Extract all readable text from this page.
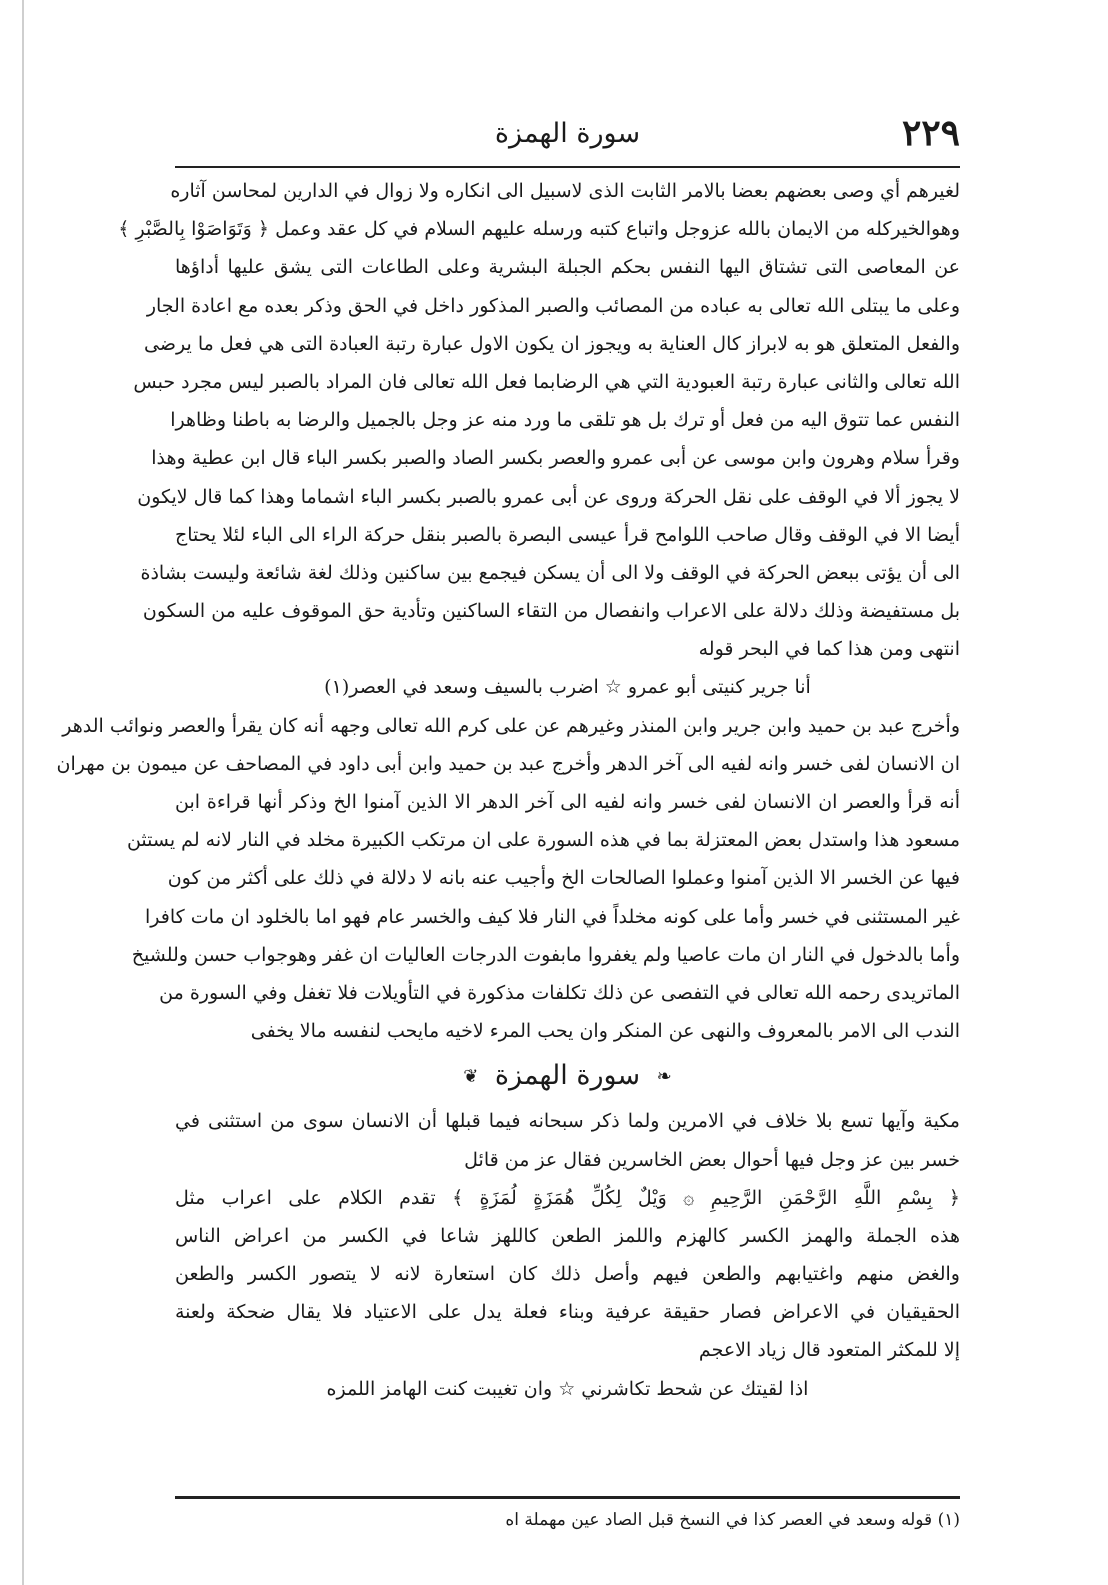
٢٢٩
سورة الهمزة
لغيرهم أي وصى بعضهم بعضا بالامر الثابت الذى لاسبيل الى انكاره ولا زوال في الدارين لمحاسن آثاره
وهوالخيركله من الايمان بالله عزوجل واتباع كتبه ورسله عليهم السلام في كل عقد وعمل ﴿ وَتَوَاصَوْا بِالصَّبْرِ ﴾
عن المعاصى التى تشتاق اليها النفس بحكم الجبلة البشرية وعلى الطاعات التى يشق عليها أداؤها
وعلى ما يبتلى الله تعالى به عباده من المصائب والصبر المذكور داخل في الحق وذكر بعده مع اعادة الجار
والفعل المتعلق هو به لابراز كال العناية به ويجوز ان يكون الاول عبارة رتبة العبادة التى هي فعل ما يرضى
الله تعالى والثانى عبارة رتبة العبودية التي هي الرضابما فعل الله تعالى فان المراد بالصبر ليس مجرد حبس
النفس عما تتوق اليه من فعل أو ترك بل هو تلقى ما ورد منه عز وجل بالجميل والرضا به باطنا وظاهرا
وقرأ سلام وهرون وابن موسى عن أبى عمرو والعصر بكسر الصاد والصبر بكسر الباء قال ابن عطية وهذا
لا يجوز ألا في الوقف على نقل الحركة وروى عن أبى عمرو بالصبر بكسر الباء اشماما وهذا كما قال لايكون
أيضا الا في الوقف وقال صاحب اللوامح قرأ عيسى البصرة بالصبر بنقل حركة الراء الى الباء لئلا يحتاج
الى أن يؤتى ببعض الحركة في الوقف ولا الى أن يسكن فيجمع بين ساكنين وذلك لغة شائعة وليست بشاذة
بل مستفيضة وذلك دلالة على الاعراب وانفصال من التقاء الساكنين وتأدية حق الموقوف عليه من السكون
انتهى ومن هذا كما في البحر قوله
أنا جرير كنيتى أبو عمرو ☆ اضرب بالسيف وسعد في العصر(١)
وأخرج عبد بن حميد وابن جرير وابن المنذر وغيرهم عن على كرم الله تعالى وجهه أنه كان يقرأ والعصر ونوائب الدهر
ان الانسان لفى خسر وانه لفيه الى آخر الدهر وأخرج عبد بن حميد وابن أبى داود في المصاحف عن ميمون بن مهران
أنه قرأ والعصر ان الانسان لفى خسر وانه لفيه الى آخر الدهر الا الذين آمنوا الخ وذكر أنها قراءة ابن
مسعود هذا واستدل بعض المعتزلة بما في هذه السورة على ان مرتكب الكبيرة مخلد في النار لانه لم يستثن
فيها عن الخسر الا الذين آمنوا وعملوا الصالحات الخ وأجيب عنه بانه لا دلالة في ذلك على أكثر من كون
غير المستثنى في خسر وأما على كونه مخلداً في النار فلا كيف والخسر عام فهو اما بالخلود ان مات كافرا
وأما بالدخول في النار ان مات عاصيا ولم يغفروا مابفوت الدرجات العاليات ان غفر وهوجواب حسن وللشيخ
الماتريدى رحمه الله تعالى في التفصى عن ذلك تكلفات مذكورة في التأويلات فلا تغفل وفي السورة من
الندب الى الامر بالمعروف والنهى عن المنكر وان يحب المرء لاخيه مايحب لنفسه مالا يخفى
❧ سورة الهمزة ❦
مكية وآيها تسع بلا خلاف في الامرين ولما ذكر سبحانه فيما قبلها أن الانسان سوى من استثنى في
خسر بين عز وجل فيها أحوال بعض الخاسرين فقال عز من قائل
﴿ بِسْمِ اللَّهِ الرَّحْمَنِ الرَّحِيمِ ۞ وَيْلٌ لِكُلِّ هُمَزَةٍ لُمَزَةٍ ﴾ تقدم الكلام على اعراب مثل
هذه الجملة والهمز الكسر كالهزم واللمز الطعن كاللهز شاعا في الكسر من اعراض الناس
والغض منهم واغتيابهم والطعن فيهم وأصل ذلك كان استعارة لانه لا يتصور الكسر والطعن
الحقيقيان في الاعراض فصار حقيقة عرفية وبناء فعلة يدل على الاعتياد فلا يقال ضحكة ولعنة
إلا للمكثر المتعود قال زياد الاعجم
اذا لقيتك عن شحط تكاشرني ☆ وان تغيبت كنت الهامز اللمزه
(١) قوله وسعد في العصر كذا في النسخ قبل الصاد عين مهملة اه
